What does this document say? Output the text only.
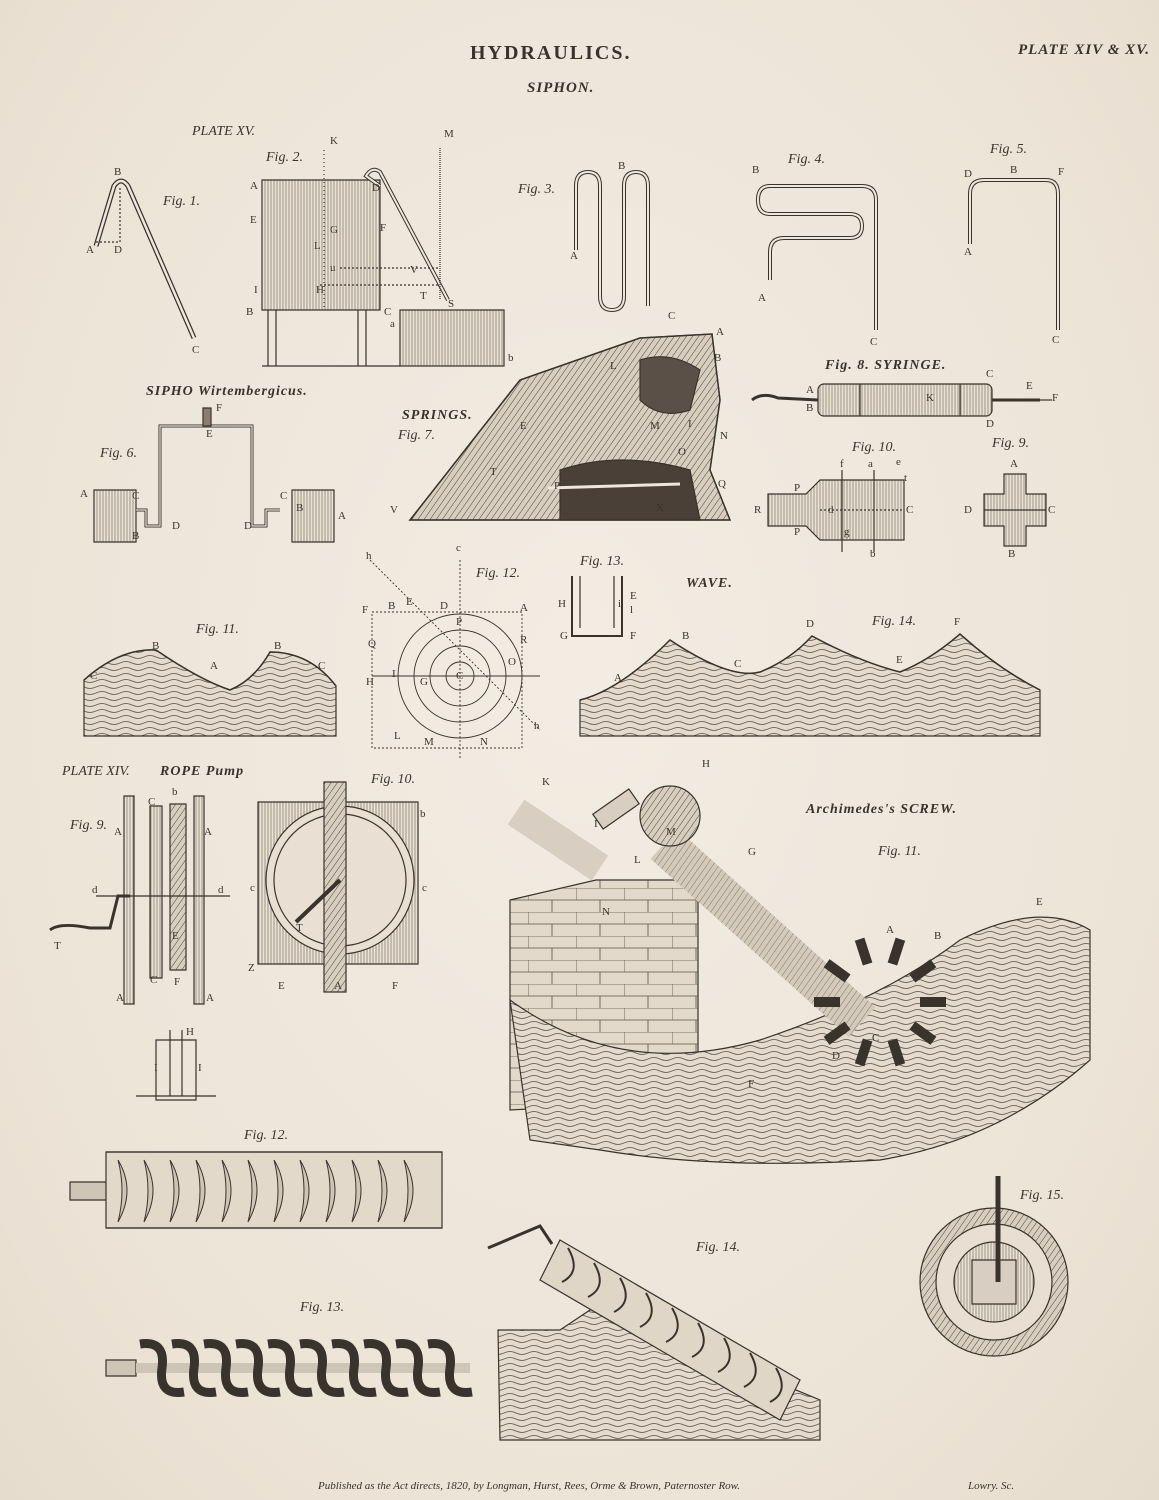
HYDRAULICS.	PLATE XIV & XV.
SIPHON.
PLATE XV.
SIPHO Wirtembergicus.
SPRINGS.
Fig. 8. SYRINGE.
WAVE.
PLATE XIV. ROPE Pump
Archimedes's SCREW.
Fig. 1.
Fig. 2.
Fig. 3.
Fig. 4.
Fig. 5.
Fig. 6.
Fig. 7.
Fig. 9.
Fig. 10.
Fig. 11.
Fig. 12.
Fig. 13.
Fig. 14.
Fig. 9.
Fig. 10.
Fig. 11.
Fig. 12.
Fig. 13.
Fig. 14.
Fig. 15.
B
A D
C
K
M
A	D
E
G	F
L
u	V
I	H	T
B	C
S
a
b
B
A
C
B
A
C
D	B	F
A
C
F
E
A	C
B
D	D
C
B
A
A
B
L
E	M	I
N
O
T
P	Q
V	X
A
B
C
K
D
E
F
f a e
P
t
R	d	C
g
P
b
A
D	C
B
B	B
C
C
A
h
c
F B E D
P
A
R
Q
O
H
I
G	C
L M	N
h
H
E
i l
G	F
A
B
C
D
E
F
C
b
A	A
d	d
T
E
A
C F
A
H
I	I
b
c	c
T
Z
E	A	F
K
H
I
M
L
G
N
E
A	B
C
D
F
Published as the Act directs, 1820, by Longman, Hurst, Rees, Orme & Brown, Paternoster Row.	Lowry. Sc.
